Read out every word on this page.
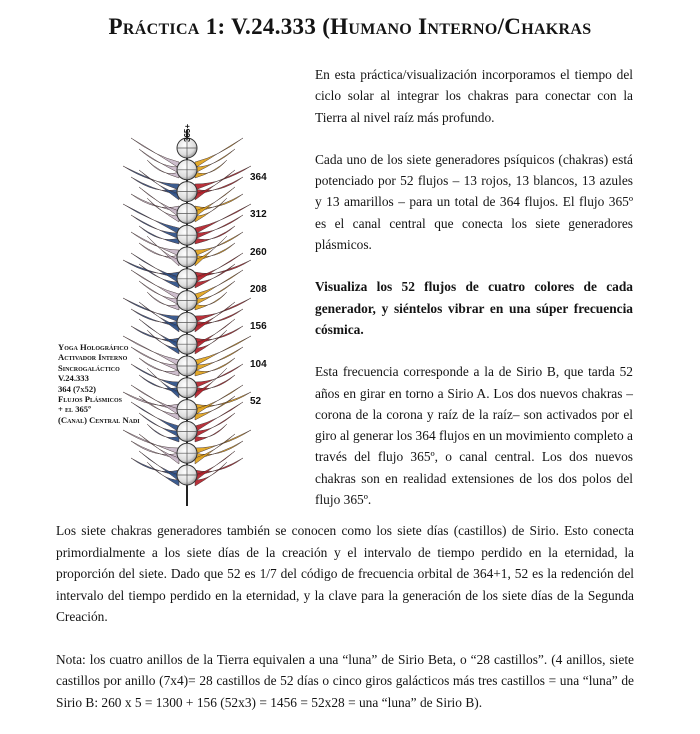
Práctica 1: V.24.333 (Humano Interno/Chakras
365+
364
312
260
208
156
104
52
Yoga Holográfico
Activador Interno
Sincrogaláctico
V.24.333
364 (7x52)
Flujos Plásmicos
+ el 365º
(Canal) Central Nadi

En esta práctica/visualización incorporamos el tiempo del ciclo solar al integrar los chakras para conectar con la Tierra al nivel raíz más profundo.

Cada uno de los siete generadores psíquicos (chakras) está potenciado por 52 flujos – 13 rojos, 13 blancos, 13 azules y 13 amarillos – para un total de 364 flujos. El flujo 365º es el canal central que conecta los siete generadores plásmicos.

Visualiza los 52 flujos de cuatro colores de cada generador, y siéntelos vibrar en una súper frecuencia cósmica.

Esta frecuencia corresponde a la de Sirio B, que tarda 52 años en girar en torno a Sirio A. Los dos nuevos chakras –corona de la corona y raíz de la raíz– son activados por el giro al generar los 364 flujos en un movimiento completo a través del flujo 365º, o canal central. Los dos nuevos chakras son en realidad extensiones de los dos polos del flujo 365º.

Los siete chakras generadores también se conocen como los siete días (castillos) de Sirio. Esto conecta primordialmente a los siete días de la creación y el intervalo de tiempo perdido en la eternidad, la proporción del siete. Dado que 52 es 1/7 del código de frecuencia orbital de 364+1, 52 es la redención del intervalo del tiempo perdido en la eternidad, y la clave para la generación de los siete días de la Segunda Creación.

Nota: los cuatro anillos de la Tierra equivalen a una “luna” de Sirio Beta, o “28 castillos”. (4 anillos, siete castillos por anillo (7x4)= 28 castillos de 52 días o cinco giros galácticos más tres castillos = una “luna” de Sirio B: 260 x 5 = 1300 + 156 (52x3) = 1456 = 52x28 = una “luna” de Sirio B).
